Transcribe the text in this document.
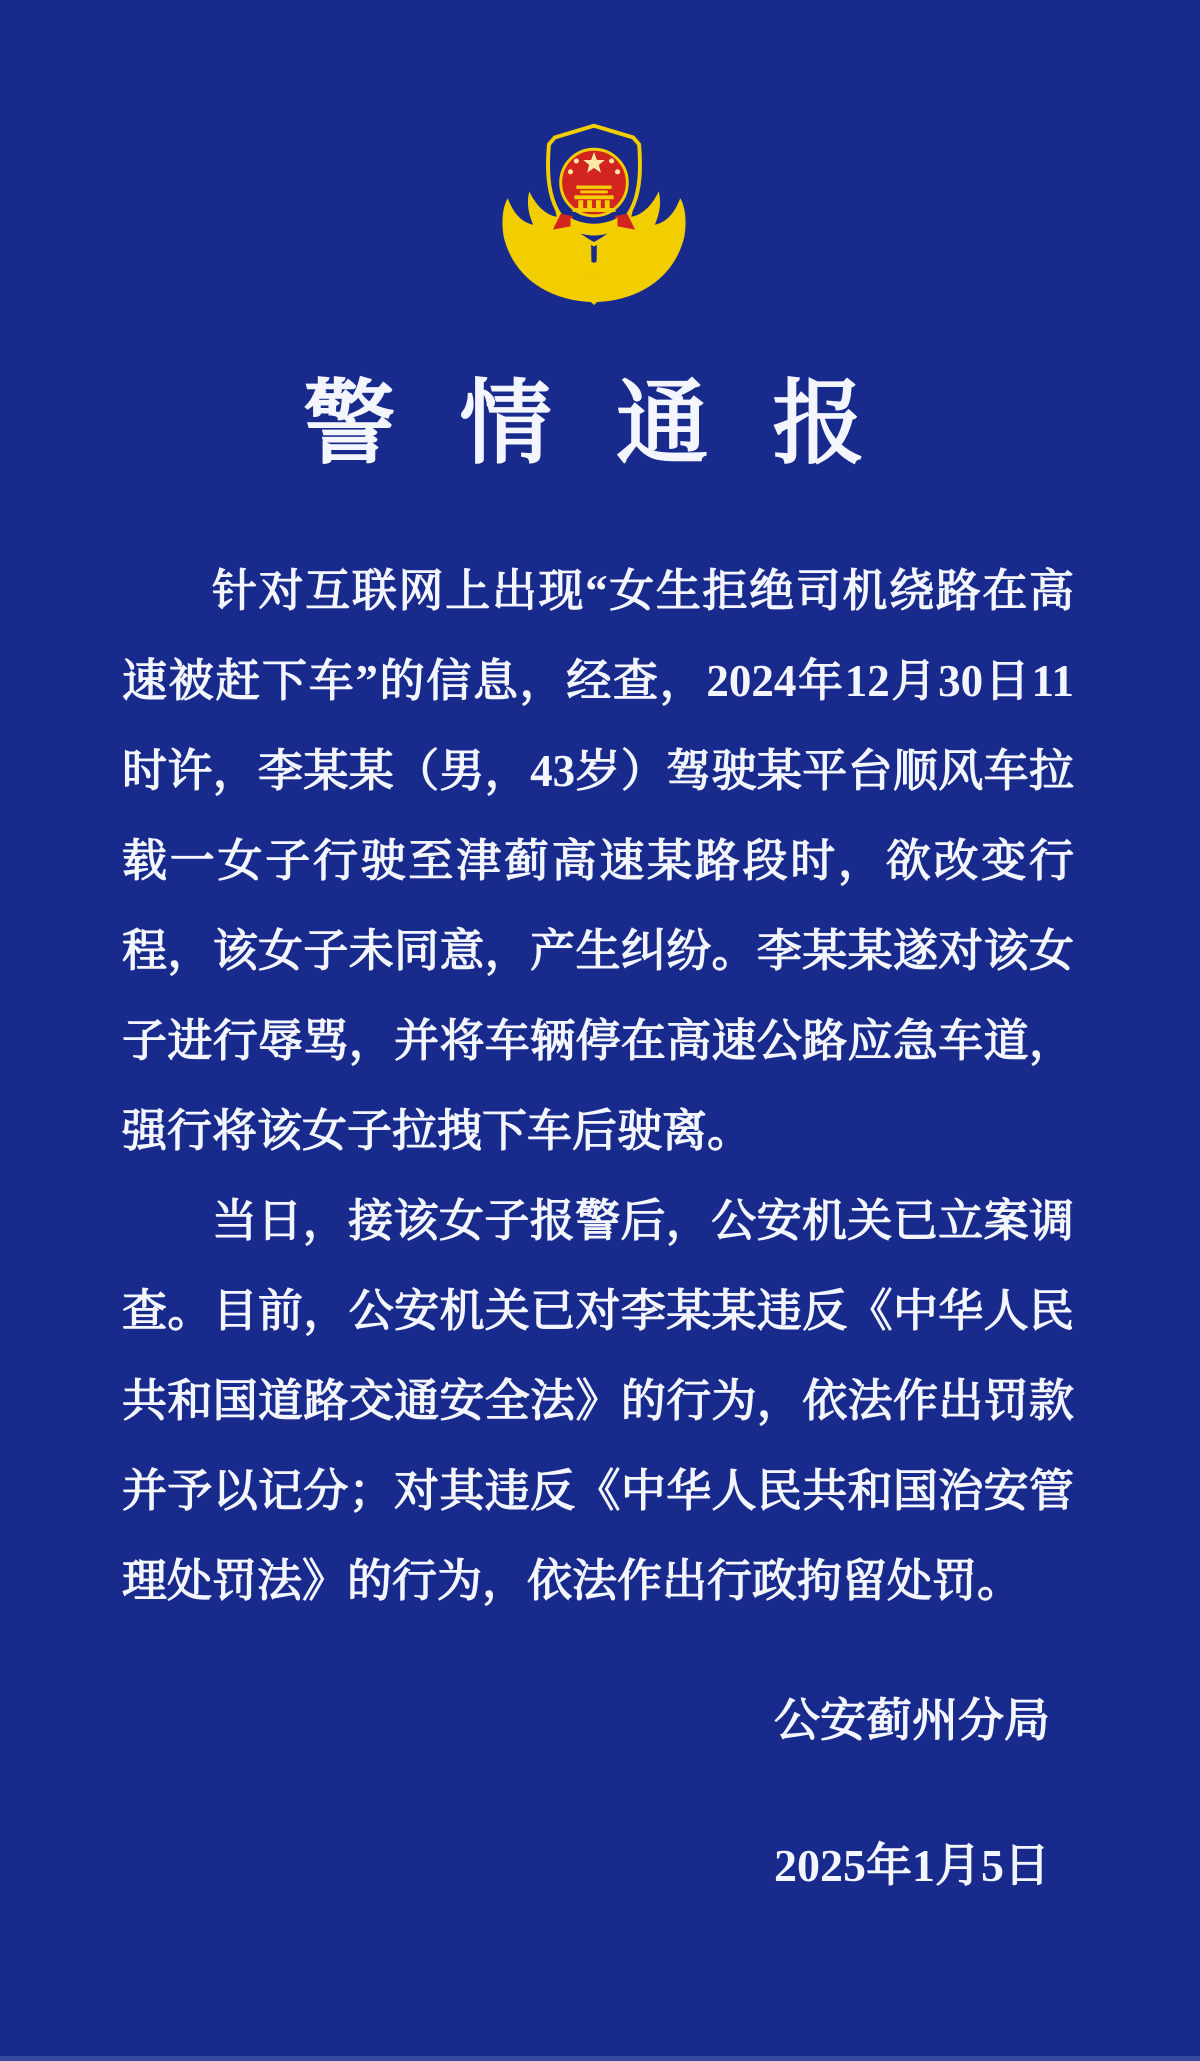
警情通报

针对互联网上出现“女生拒绝司机绕路在高速被赶下车”的信息，经查，2024年12月30日11时许，李某某（男，43岁）驾驶某平台顺风车拉载一女子行驶至津蓟高速某路段时，欲改变行程，该女子未同意，产生纠纷。李某某遂对该女子进行辱骂，并将车辆停在高速公路应急车道，强行将该女子拉拽下车后驶离。

当日，接该女子报警后，公安机关已立案调查。目前，公安机关已对李某某违反《中华人民共和国道路交通安全法》的行为，依法作出罚款并予以记分；对其违反《中华人民共和国治安管理处罚法》的行为，依法作出行政拘留处罚。

公安蓟州分局
2025年1月5日
